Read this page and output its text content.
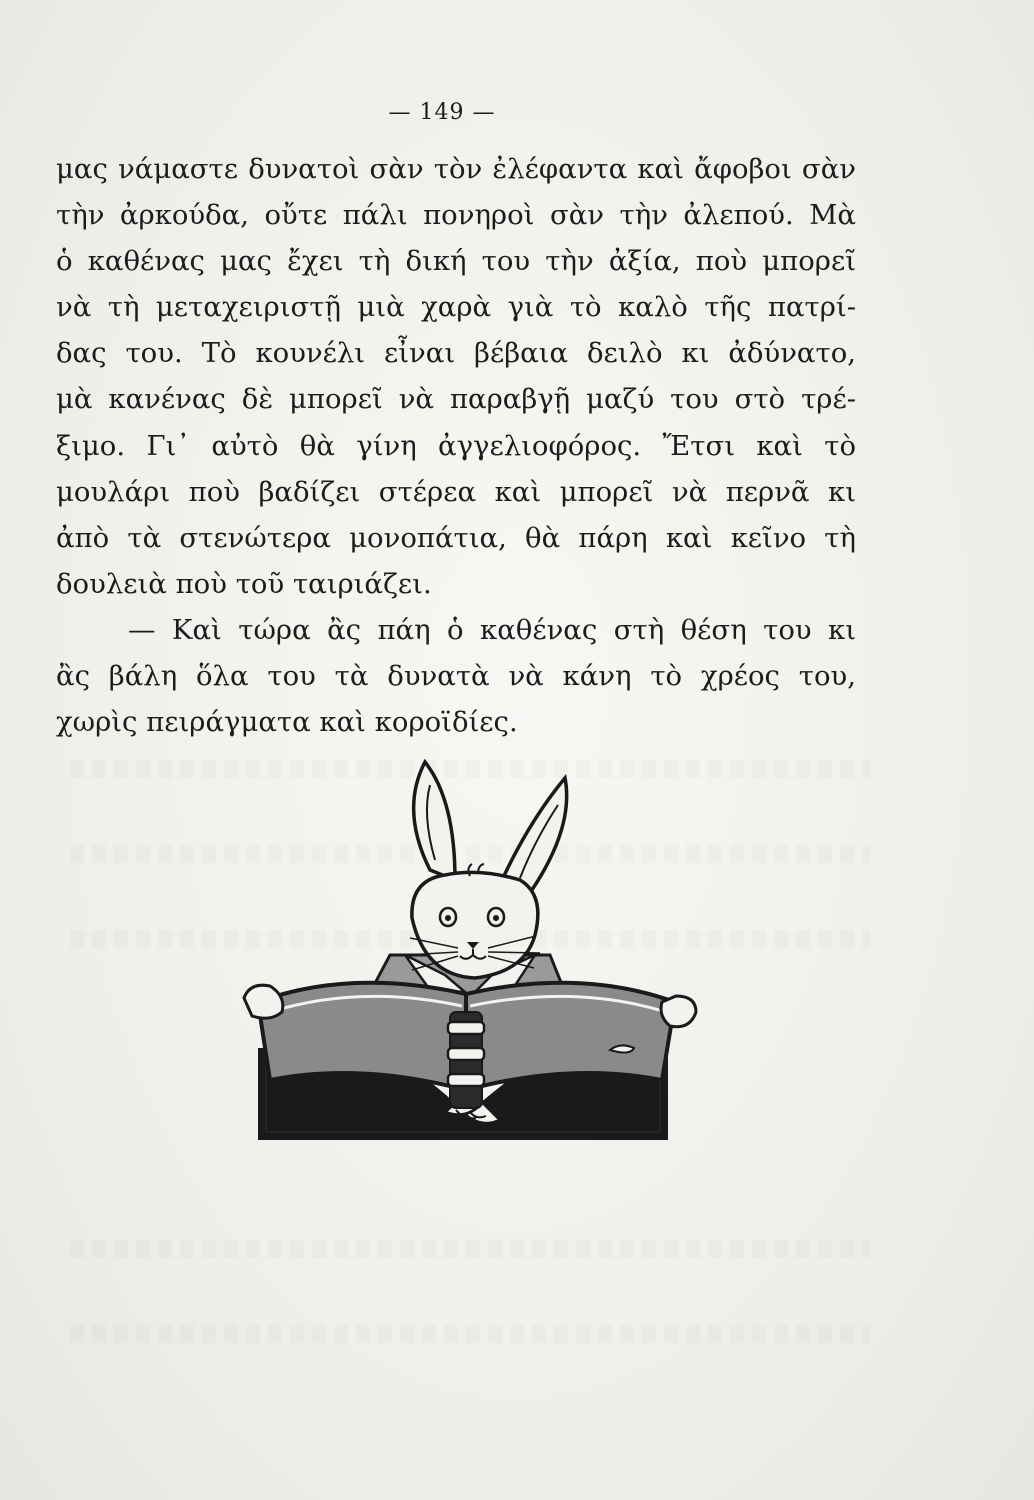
— 149 —
μας νάμαστε δυνατοὶ σὰν τὸν ἐλέφαντα καὶ ἄφοβοι σὰν
τὴν ἀρκούδα, οὔτε πάλι πονηροὶ σὰν τὴν ἀλεπού. Μὰ
ὁ καθένας μας ἔχει τὴ δική του τὴν ἀξία, ποὺ μπορεῖ
νὰ τὴ μεταχειριστῇ μιὰ χαρὰ γιὰ τὸ καλὸ τῆς πατρί-
δας του. Τὸ κουνέλι εἶναι βέβαια δειλὸ κι ἀδύνατο,
μὰ κανένας δὲ μπορεῖ νὰ παραβγῇ μαζύ του στὸ τρέ-
ξιμο. Γι᾽ αὐτὸ θὰ γίνη ἀγγελιοφόρος. Ἔτσι καὶ τὸ
μουλάρι ποὺ βαδίζει στέρεα καὶ μπορεῖ νὰ περνᾶ κι
ἀπὸ τὰ στενώτερα μονοπάτια, θὰ πάρη καὶ κεῖνο τὴ
δουλειὰ ποὺ τοῦ ταιριάζει.
— Καὶ τώρα ἂς πάη ὁ καθένας στὴ θέση του κι
ἂς βάλη ὅλα του τὰ δυνατὰ νὰ κάνη τὸ χρέος του,
χωρὶς πειράγματα καὶ κοροϊδίες.
